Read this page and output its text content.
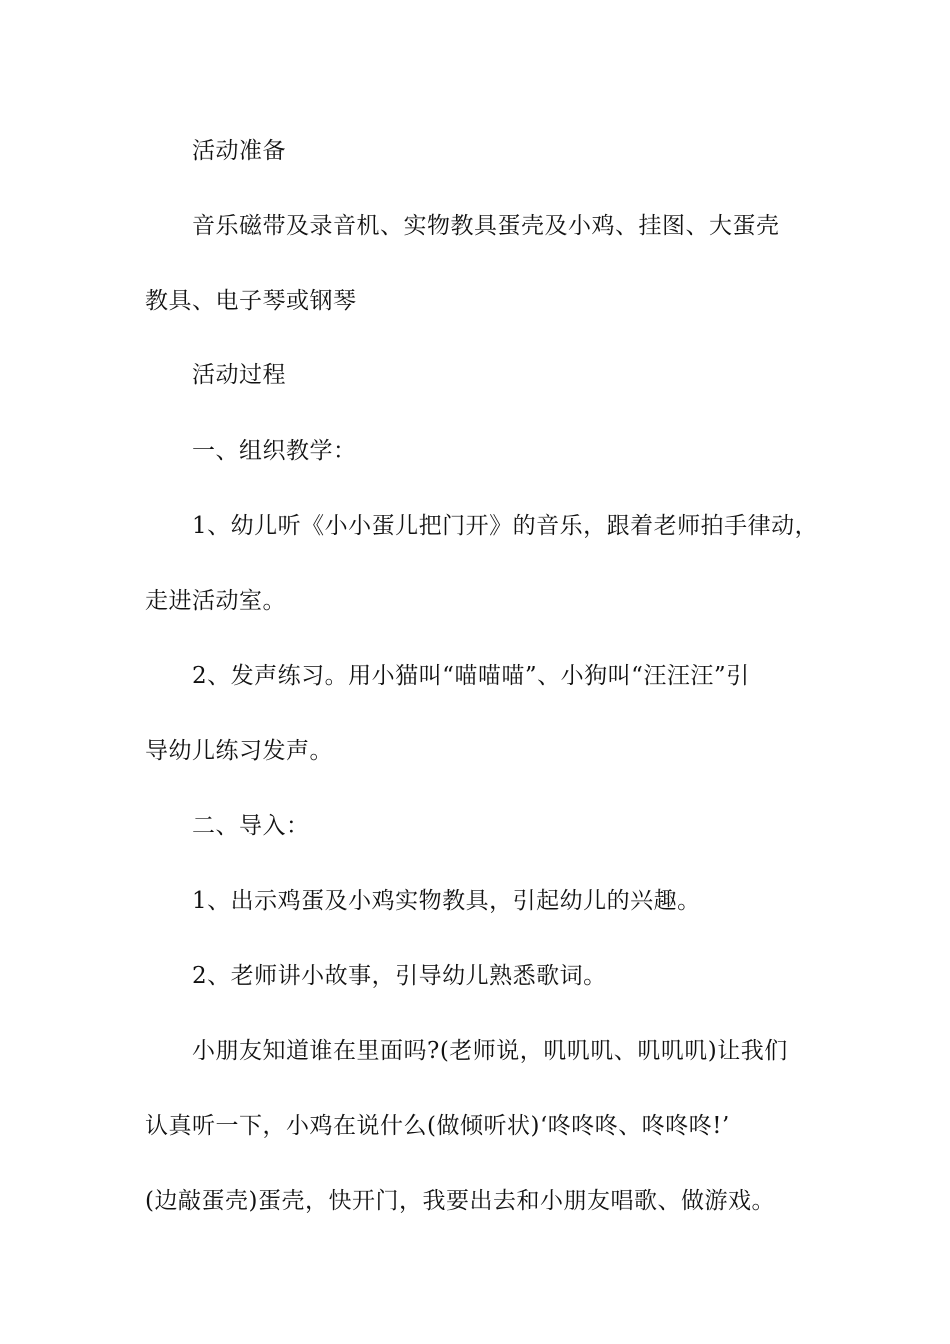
活动准备
音乐磁带及录音机、实物教具蛋壳及小鸡、挂图、大蛋壳
教具、电子琴或钢琴
活动过程
一、组织教学：
1、幼儿听《小小蛋儿把门开》的音乐，跟着老师拍手律动，
走进活动室。
2、发声练习。用小猫叫“喵喵喵”、小狗叫“汪汪汪”引
导幼儿练习发声。
二、导入：
1、出示鸡蛋及小鸡实物教具，引起幼儿的兴趣。
2、老师讲小故事，引导幼儿熟悉歌词。
小朋友知道谁在里面吗?(老师说，叽叽叽、叽叽叽)让我们
认真听一下，小鸡在说什么(做倾听状)‘咚咚咚、咚咚咚!’
(边敲蛋壳)蛋壳，快开门，我要出去和小朋友唱歌、做游戏。
